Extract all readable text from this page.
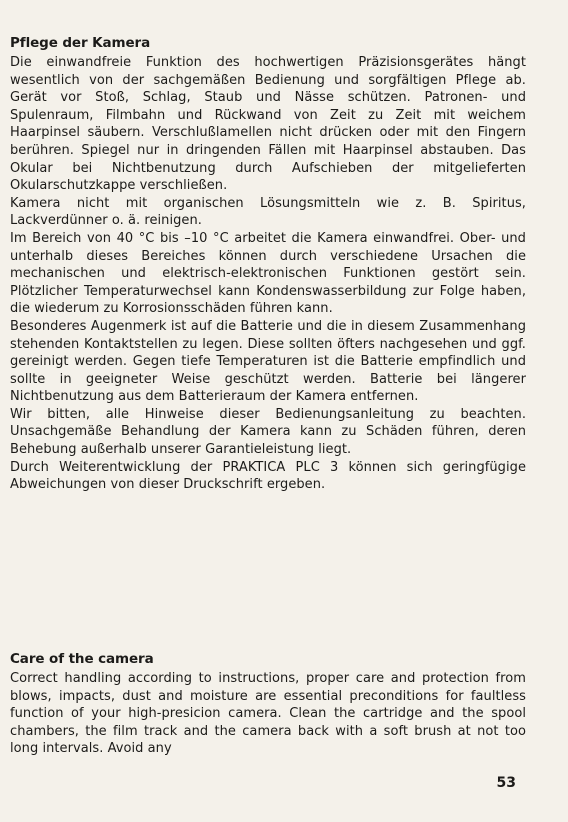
Pflege der Kamera

Die einwandfreie Funktion des hochwertigen Präzisionsgerätes hängt wesentlich von der sachgemäßen Bedienung und sorgfältigen Pflege ab. Gerät vor Stoß, Schlag, Staub und Nässe schützen. Patronen- und Spulenraum, Filmbahn und Rückwand von Zeit zu Zeit mit weichem Haarpinsel säubern. Verschlußlamellen nicht drücken oder mit den Fingern berühren. Spiegel nur in dringenden Fällen mit Haarpinsel abstauben. Das Okular bei Nichtbenutzung durch Aufschieben der mitgelieferten Okularschutzkappe verschließen.

Kamera nicht mit organischen Lösungsmitteln wie z. B. Spiritus, Lackverdünner o. ä. reinigen.

Im Bereich von 40 °C bis –10 °C arbeitet die Kamera einwandfrei. Ober- und unterhalb dieses Bereiches können durch verschiedene Ursachen die mechanischen und elektrisch-elektronischen Funktionen gestört sein. Plötzlicher Temperaturwechsel kann Kondenswasserbildung zur Folge haben, die wiederum zu Korrosionsschäden führen kann.

Besonderes Augenmerk ist auf die Batterie und die in diesem Zusammenhang stehenden Kontaktstellen zu legen. Diese sollten öfters nachgesehen und ggf. gereinigt werden. Gegen tiefe Temperaturen ist die Batterie empfindlich und sollte in geeigneter Weise geschützt werden. Batterie bei längerer Nichtbenutzung aus dem Batterieraum der Kamera entfernen.

Wir bitten, alle Hinweise dieser Bedienungsanleitung zu beachten. Unsachgemäße Behandlung der Kamera kann zu Schäden führen, deren Behebung außerhalb unserer Garantieleistung liegt.

Durch Weiterentwicklung der PRAKTICA PLC 3 können sich geringfügige Abweichungen von dieser Druckschrift ergeben.

Care of the camera

Correct handling according to instructions, proper care and protection from blows, impacts, dust and moisture are essential preconditions for faultless function of your high-presicion camera. Clean the cartridge and the spool chambers, the film track and the camera back with a soft brush at not too long intervals. Avoid any

53
